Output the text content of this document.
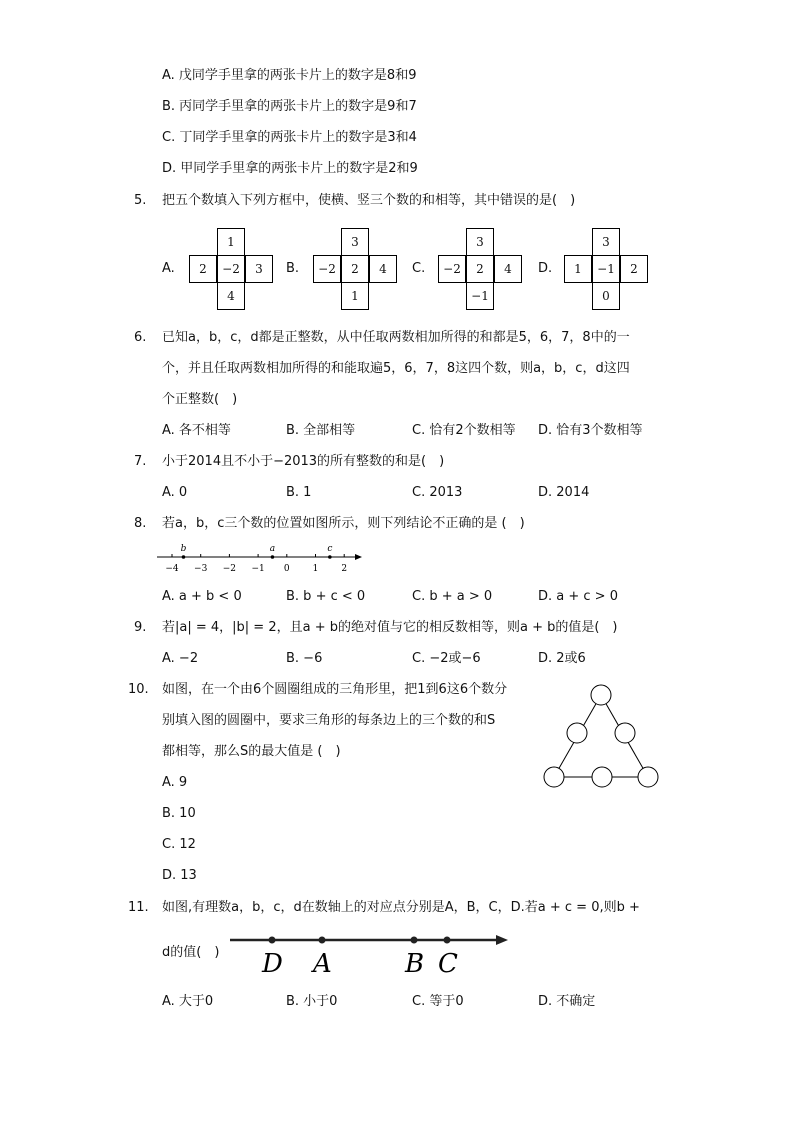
A. 戊同学手里拿的两张卡片上的数字是8和9
B. 丙同学手里拿的两张卡片上的数字是9和7
C. 丁同学手里拿的两张卡片上的数字是3和4
D. 甲同学手里拿的两张卡片上的数字是2和9
5. 把五个数填入下列方框中，使横、竖三个数的和相等，其中错误的是(　)
A.
1
2	−2	3
4
B.
3
−2	2	4
1
C.
3
−2	2	4
−1
D.
3
1	−1	2
0
6. 已知a，b，c，d都是正整数，从中任取两数相加所得的和都是5，6，7，8中的一
个，并且任取两数相加所得的和能取遍5，6，7，8这四个数，则a，b，c，d这四
个正整数(　)
A. 各不相等	B. 全部相等	C. 恰有2个数相等 D. 恰有3个数相等
7. 小于2014且不小于−2013的所有整数的和是(　)
A. 0	B. 1	C. 2013	D. 2014
8. 若a，b，c三个数的位置如图所示，则下列结论不正确的是 (　)
−4 −3 −2 −1 0	1	2
b	a	c
A. a + b < 0	B. b + c < 0	C. b + a > 0	D. a + c > 0
9. 若|a| = 4，|b| = 2，且a + b的绝对值与它的相反数相等，则a + b的值是(　)
A. −2	B. −6	C. −2或−6	D. 2或6
10. 如图，在一个由6个圆圈组成的三角形里，把1到6这6个数分
别填入图的圆圈中，要求三角形的每条边上的三个数的和S
都相等，那么S的最大值是 (　)
A. 9
B. 10
C. 12
D. 13
11. 如图,有理数a，b，c，d在数轴上的对应点分别是A，B，C，D.若a + c = 0,则b +
d的值(　) D A	B C
A. 大于0	B. 小于0	C. 等于0	D. 不确定
